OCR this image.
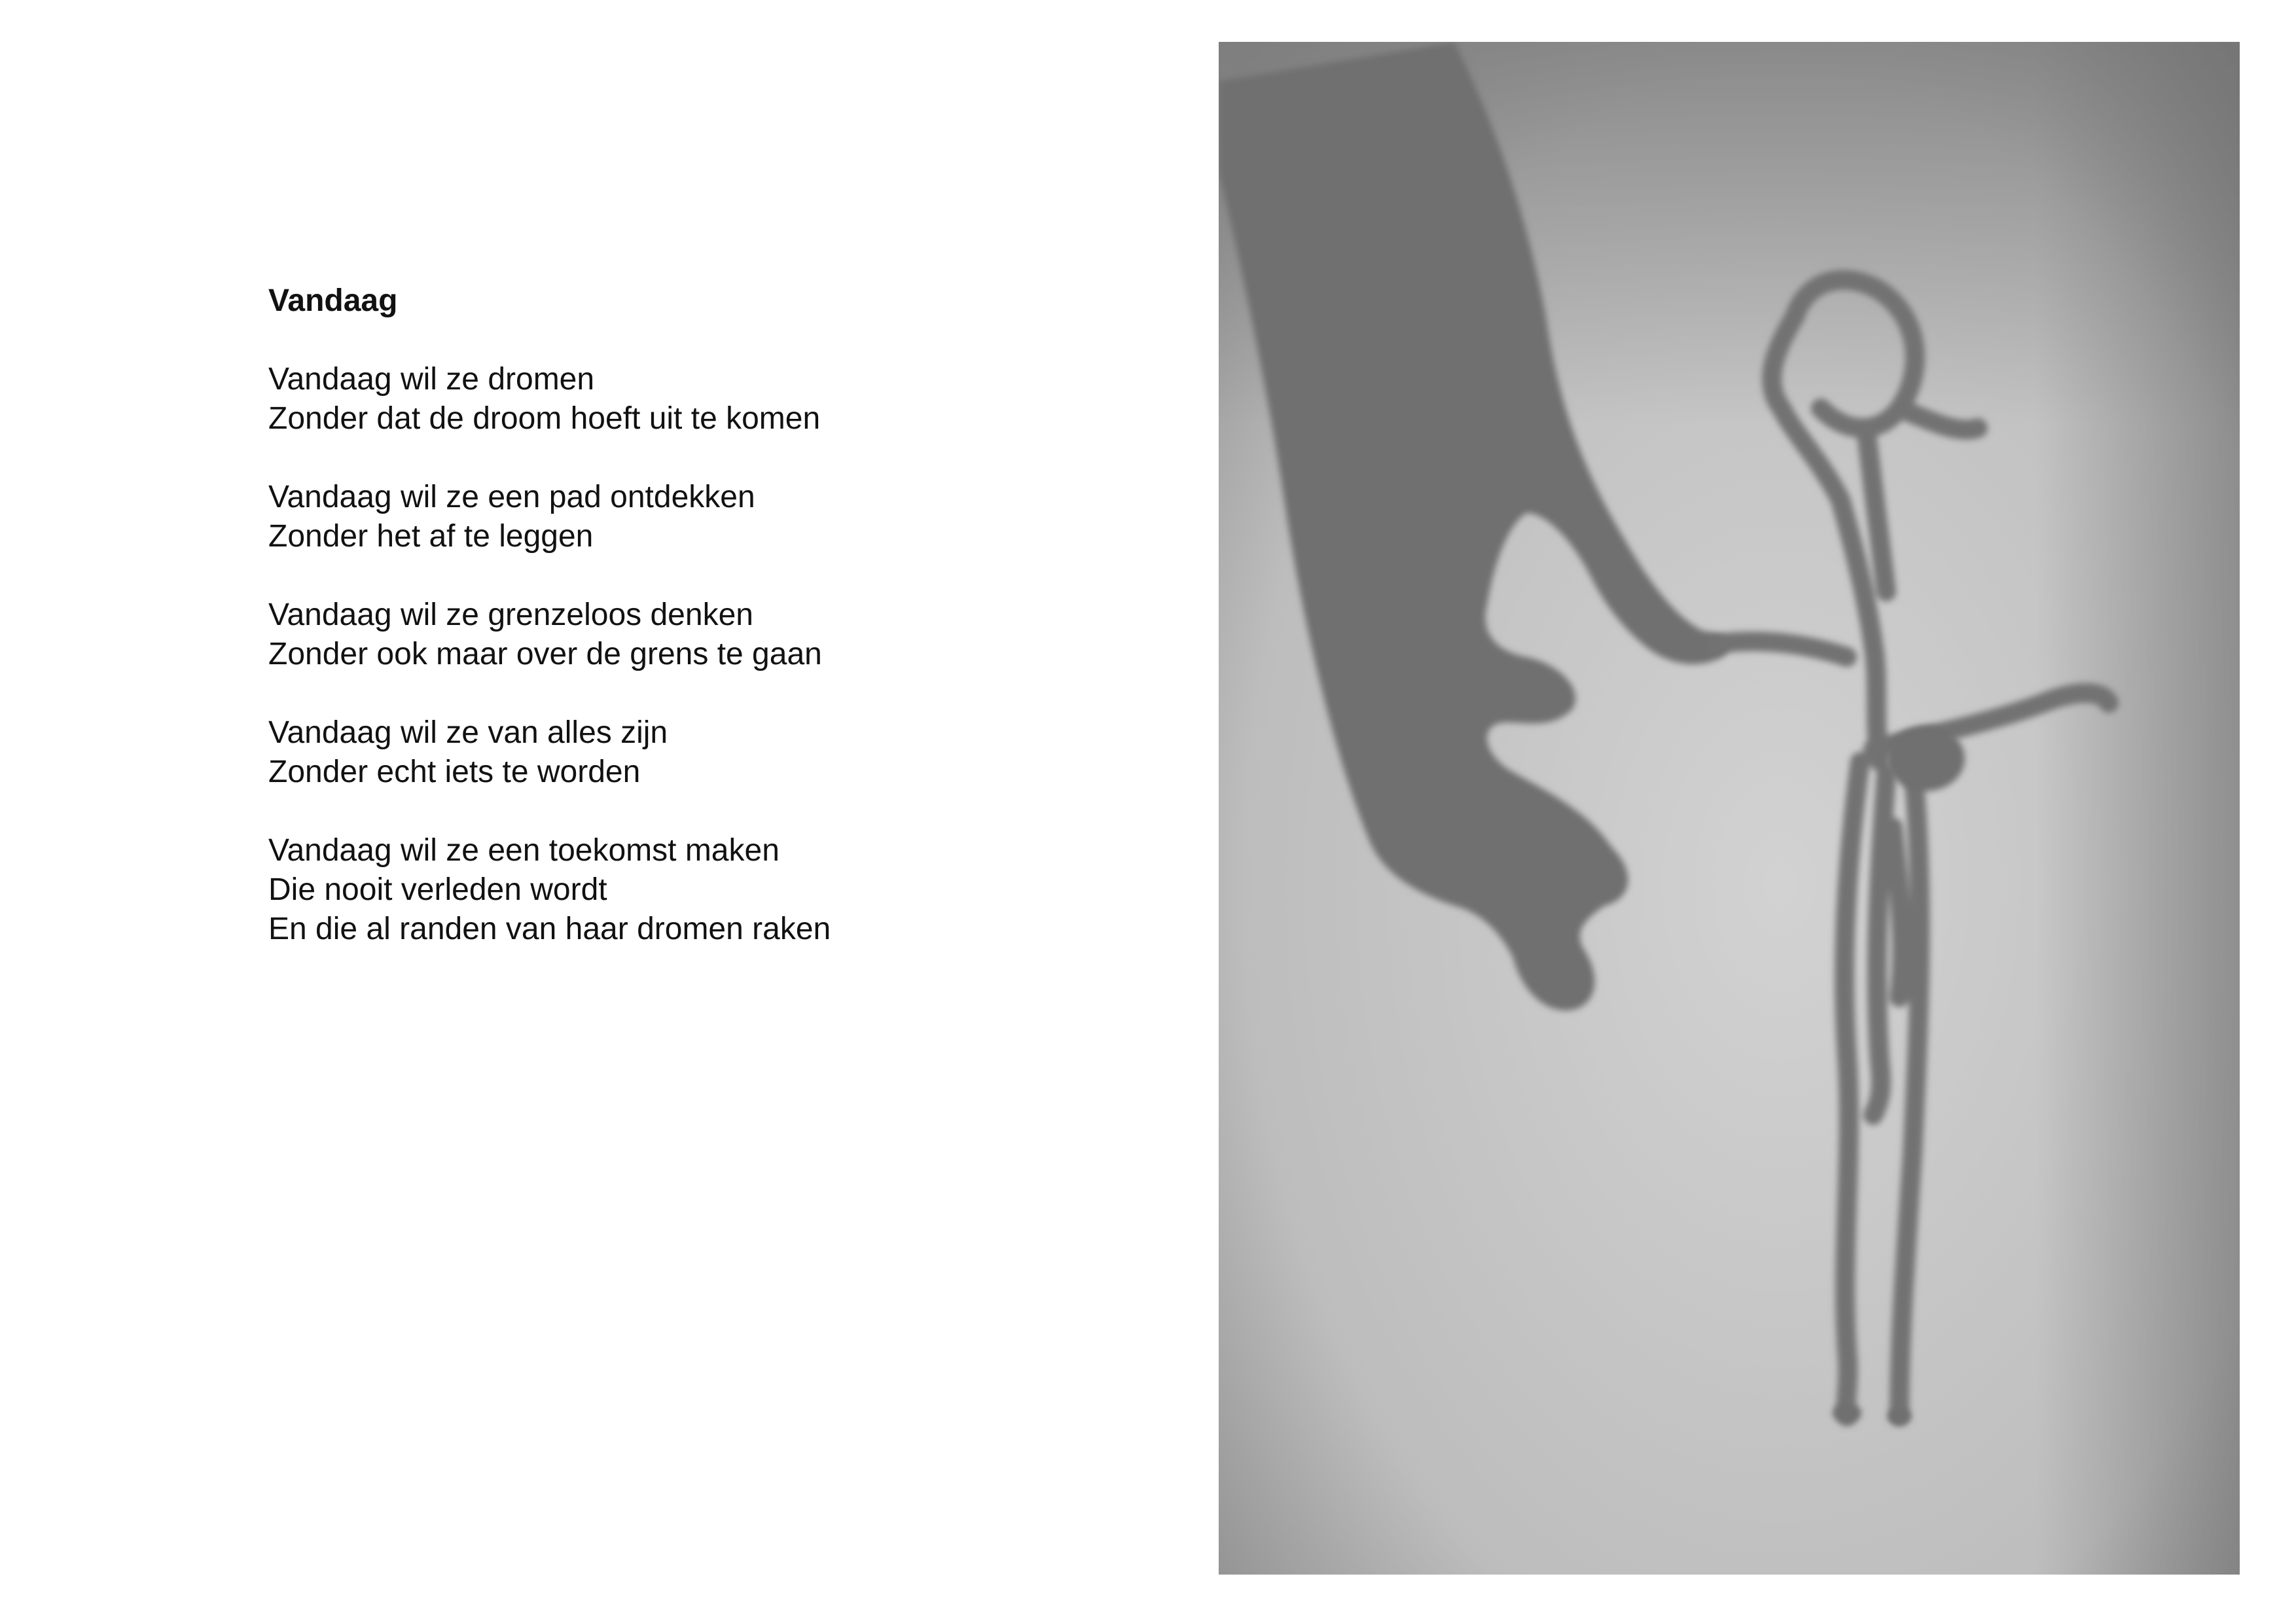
Vandaag
Vandaag wil ze dromen
Zonder dat de droom hoeft uit te komen
Vandaag wil ze een pad ontdekken
Zonder het af te leggen
Vandaag wil ze grenzeloos denken
Zonder ook maar over de grens te gaan
Vandaag wil ze van alles zijn
Zonder echt iets te worden
Vandaag wil ze een toekomst maken
Die nooit verleden wordt
En die al randen van haar dromen raken
